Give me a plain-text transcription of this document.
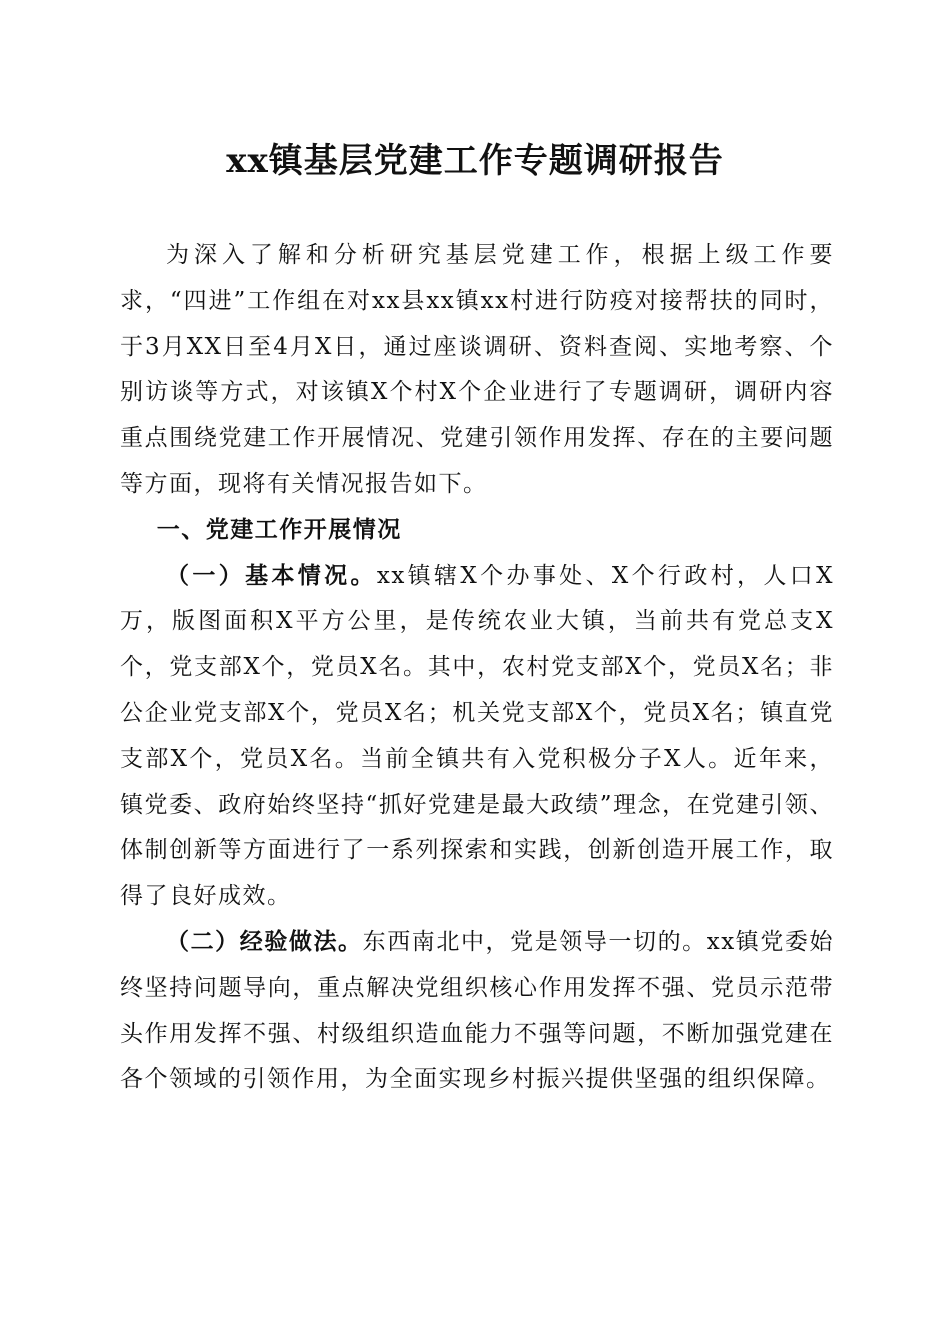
xx镇基层党建工作专题调研报告

为深入了解和分析研究基层党建工作，根据上级工作要求，“四进”工作组在对xx县xx镇xx村进行防疫对接帮扶的同时，于3月XX日至4月X日，通过座谈调研、资料查阅、实地考察、个别访谈等方式，对该镇X个村X个企业进行了专题调研，调研内容重点围绕党建工作开展情况、党建引领作用发挥、存在的主要问题等方面，现将有关情况报告如下。

一、党建工作开展情况

（一）基本情况。xx镇辖X个办事处、X个行政村，人口X万，版图面积X平方公里，是传统农业大镇，当前共有党总支X个，党支部X个，党员X名。其中，农村党支部X个，党员X名；非公企业党支部X个，党员X名；机关党支部X个，党员X名；镇直党支部X个，党员X名。当前全镇共有入党积极分子X人。近年来，镇党委、政府始终坚持“抓好党建是最大政绩”理念，在党建引领、体制创新等方面进行了一系列探索和实践，创新创造开展工作，取得了良好成效。

（二）经验做法。东西南北中，党是领导一切的。xx镇党委始终坚持问题导向，重点解决党组织核心作用发挥不强、党员示范带头作用发挥不强、村级组织造血能力不强等问题，不断加强党建在各个领域的引领作用，为全面实现乡村振兴提供坚强的组织保障。
